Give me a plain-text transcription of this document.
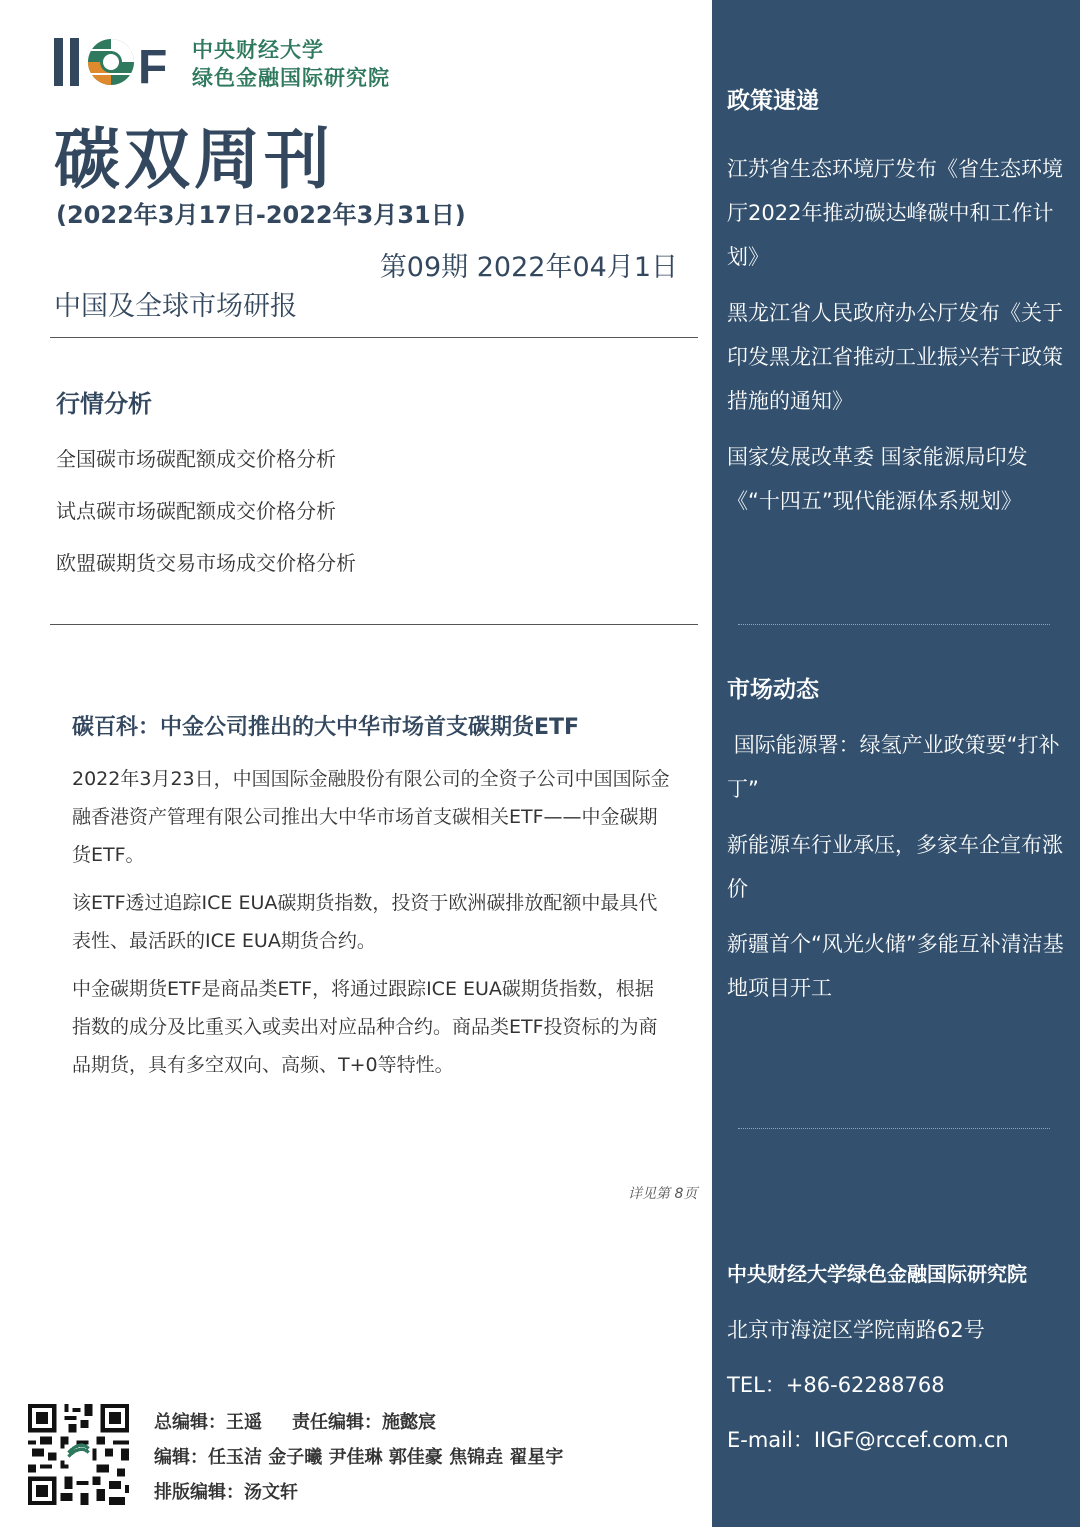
F 中央财经大学
绿色金融国际研究院
碳双周刊
(2022年3月17日-2022年3月31日)
第09期 2022年04月1日
中国及全球市场研报
行情分析
全国碳市场碳配额成交价格分析
试点碳市场碳配额成交价格分析
欧盟碳期货交易市场成交价格分析
碳百科：中金公司推出的大中华市场首支碳期货ETF

2022年3月23日，中国国际金融股份有限公司的全资子公司中国国际金融香港资产管理有限公司推出大中华市场首支碳相关ETF——中金碳期货ETF。

该ETF透过追踪ICE EUA碳期货指数，投资于欧洲碳排放配额中最具代表性、最活跃的ICE EUA期货合约。

中金碳期货ETF是商品类ETF，将通过跟踪ICE EUA碳期货指数，根据指数的成分及比重买入或卖出对应品种合约。商品类ETF投资标的为商品期货，具有多空双向、高频、T+0等特性。

详见第 8页
总编辑：王遥 责任编辑：施懿宸
编辑：任玉洁 金子曦 尹佳琳 郭佳豪 焦锦垚 翟星宇
排版编辑：汤文轩
政策速递
江苏省生态环境厅发布《省生态环境厅2022年推动碳达峰碳中和工作计划》
黑龙江省人民政府办公厅发布《关于印发黑龙江省推动工业振兴若干政策措施的通知》
国家发展改革委 国家能源局印发《“十四五”现代能源体系规划》
市场动态
国际能源署：绿氢产业政策要“打补丁”
新能源车行业承压，多家车企宣布涨价
新疆首个“风光火储”多能互补清洁基地项目开工
中央财经大学绿色金融国际研究院
北京市海淀区学院南路62号
TEL：+86-62288768
E-mail：IIGF@rccef.com.cn
